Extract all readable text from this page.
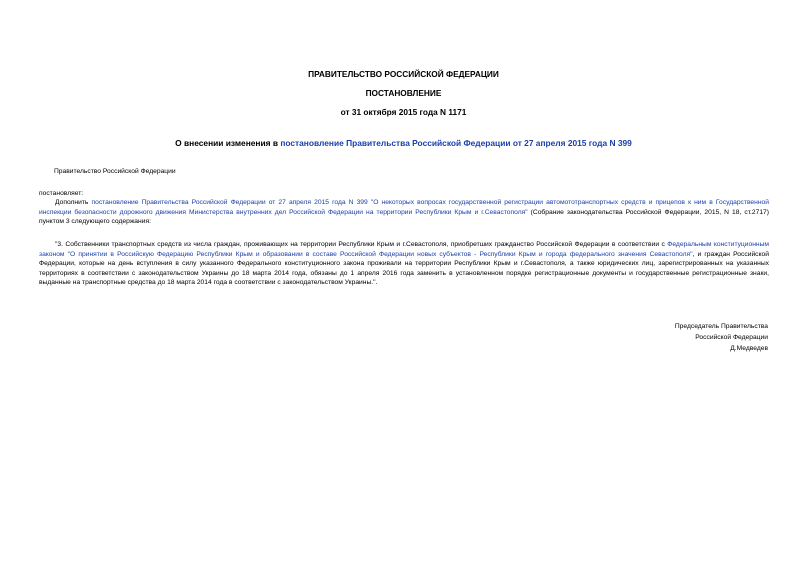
ПРАВИТЕЛЬСТВО РОССИЙСКОЙ ФЕДЕРАЦИИ
ПОСТАНОВЛЕНИЕ
от 31 октября 2015 года N 1171
О внесении изменения в постановление Правительства Российской Федерации от 27 апреля 2015 года N 399
Правительство Российской Федерации
постановляет:
Дополнить постановление Правительства Российской Федерации от 27 апреля 2015 года N 399 "О некоторых вопросах государственной регистрации автомототранспортных средств и прицепов к ним в Государственной инспекции безопасности дорожного движения Министерства внутренних дел Российской Федерации на территории Республики Крым и г.Севастополя" (Собрание законодательства Российской Федерации, 2015, N 18, ст.2717) пунктом 3 следующего содержания:
"3. Собственники транспортных средств из числа граждан, проживающих на территории Республики Крым и г.Севастополя, приобретших гражданство Российской Федерации в соответствии с Федеральным конституционным законом "О принятии в Российскую Федерацию Республики Крым и образовании в составе Российской Федерации новых субъектов - Республики Крым и города федерального значения Севастополя", и граждан Российской Федерации, которые на день вступления в силу указанного Федерального конституционного закона проживали на территории Республики Крым и г.Севастополя, а также юридических лиц, зарегистрированных на указанных территориях в соответствии с законодательством Украины до 18 марта 2014 года, обязаны до 1 апреля 2016 года заменить в установленном порядке регистрационные документы и государственные регистрационные знаки, выданные на транспортные средства до 18 марта 2014 года в соответствии с законодательством Украины.".
Председатель Правительства
Российской Федерации
Д.Медведев
